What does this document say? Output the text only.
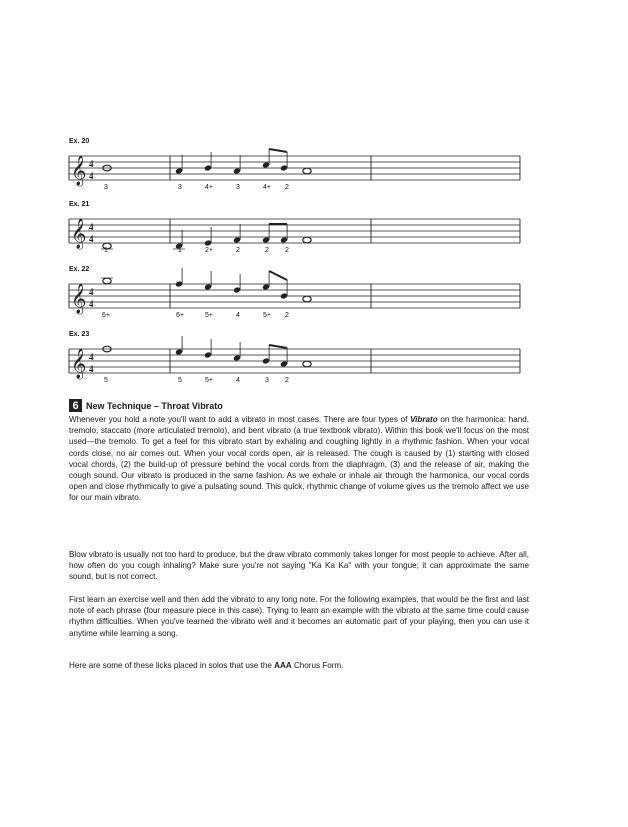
Ex. 20
𝄞 4
4
3	3	4+	3	4+ 2
Ex. 21
𝄞 4
4
1	1	2+	2	2 2
Ex. 22
𝄞 4
4
6+	6+	5+	4	5+ 2
Ex. 23
𝄞 4
4
5	5	5+	4	3 2
6 New Technique – Throat Vibrato

Whenever you hold a note you'll want to add a vibrato in most cases. There are four types of Vibrato on the harmonica: hand, tremolo, staccato (more articulated tremolo), and bent vibrato (a true textbook vibrato). Within this book we'll focus on the most used—the tremolo. To get a feel for this vibrato start by exhaling and coughing lightly in a rhythmic fashion. When your vocal cords close, no air comes out. When your vocal cords open, air is released. The cough is caused by (1) starting with closed vocal chords, (2) the build-up of pressure behind the vocal cords from the diaphragm, (3) and the release of air, making the cough sound. Our vibrato is produced in the same fashion. As we exhale or inhale air through the harmonica, our vocal cords open and close rhythmically to give a pulsating sound. This quick, rhythmic change of volume gives us the tremolo affect we use for our main vibrato.

Blow vibrato is usually not too hard to produce, but the draw vibrato commonly takes longer for most people to achieve. After all, how often do you cough inhaling? Make sure you're not saying "Ka Ka Ka" with your tongue; it can approximate the same sound, but is not correct.

First learn an exercise well and then add the vibrato to any long note. For the following examples, that would be the first and last note of each phrase (four measure piece in this case). Trying to learn an example with the vibrato at the same time could cause rhythm difficulties. When you've learned the vibrato well and it becomes an automatic part of your playing, then you can use it anytime while learning a song.

Here are some of these licks placed in solos that use the AAA Chorus Form.
